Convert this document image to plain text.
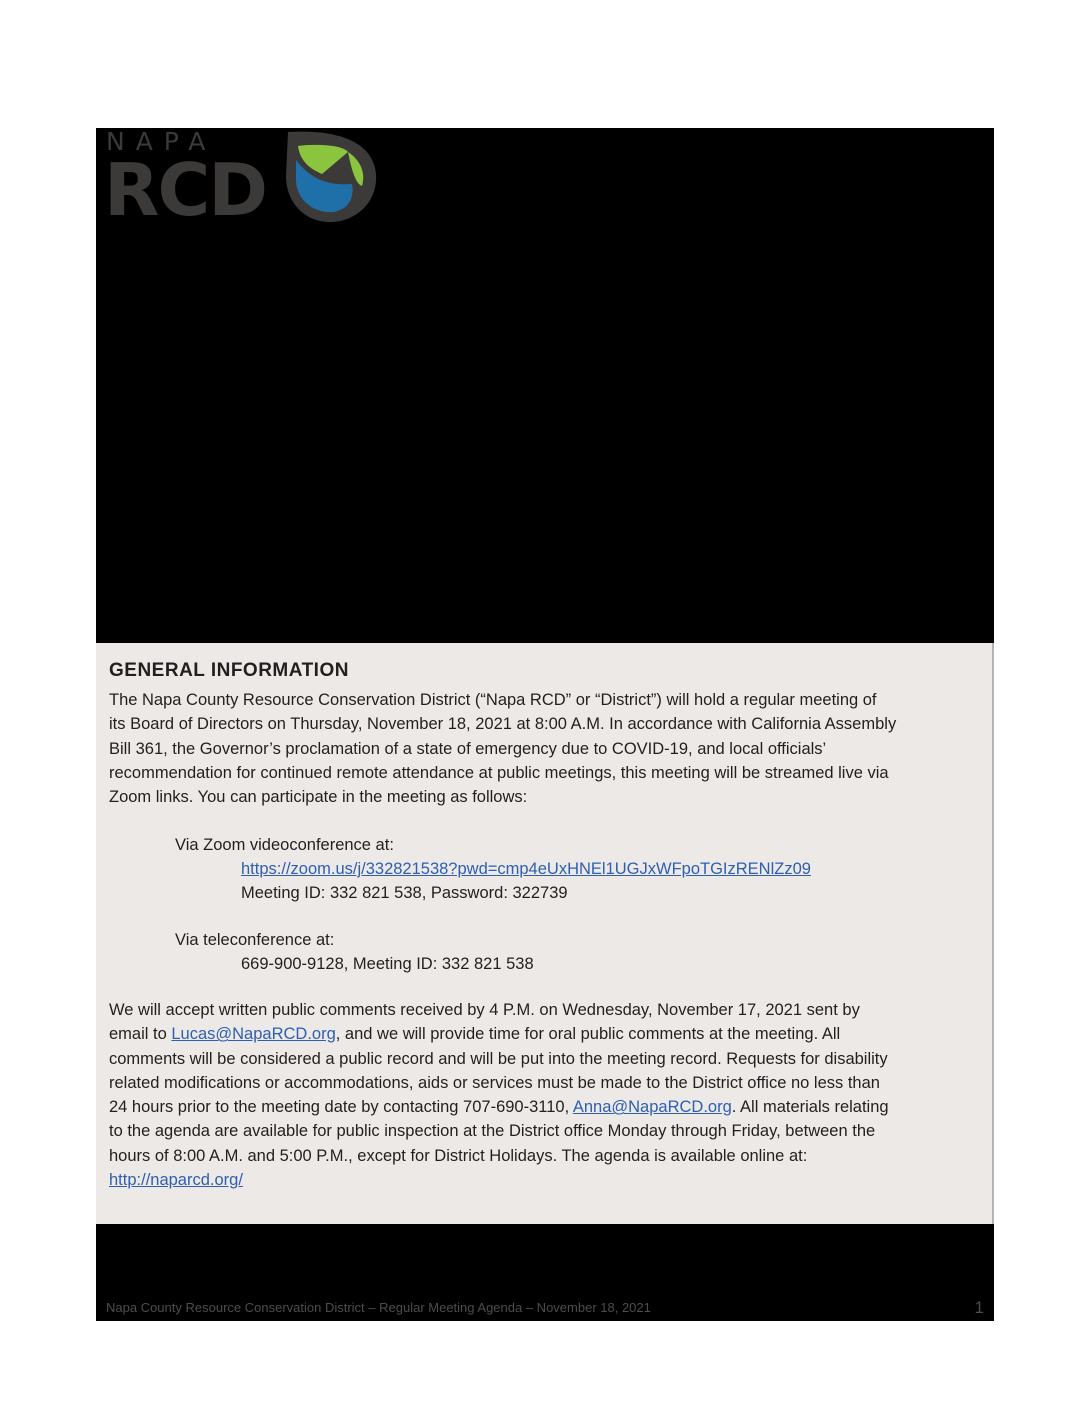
NAPA
RCD
GENERAL INFORMATION
The Napa County Resource Conservation District (“Napa RCD” or “District”) will hold a regular meeting of
its Board of Directors on Thursday, November 18, 2021 at 8:00 A.M. In accordance with California Assembly
Bill 361, the Governor’s proclamation of a state of emergency due to COVID-19, and local officials’
recommendation for continued remote attendance at public meetings, this meeting will be streamed live via
Zoom links. You can participate in the meeting as follows:
Via Zoom videoconference at:
https://zoom.us/j/332821538?pwd=cmp4eUxHNEl1UGJxWFpoTGIzRENlZz09
Meeting ID: 332 821 538, Password: 322739
Via teleconference at:
669-900-9128, Meeting ID: 332 821 538
We will accept written public comments received by 4 P.M. on Wednesday, November 17, 2021 sent by
email to Lucas@NapaRCD.org, and we will provide time for oral public comments at the meeting. All
comments will be considered a public record and will be put into the meeting record. Requests for disability
related modifications or accommodations, aids or services must be made to the District office no less than
24 hours prior to the meeting date by contacting 707-690-3110, Anna@NapaRCD.org. All materials relating
to the agenda are available for public inspection at the District office Monday through Friday, between the
hours of 8:00 A.M. and 5:00 P.M., except for District Holidays. The agenda is available online at:
http://naparcd.org/
Napa County Resource Conservation District – Regular Meeting Agenda – November 18, 2021	1
